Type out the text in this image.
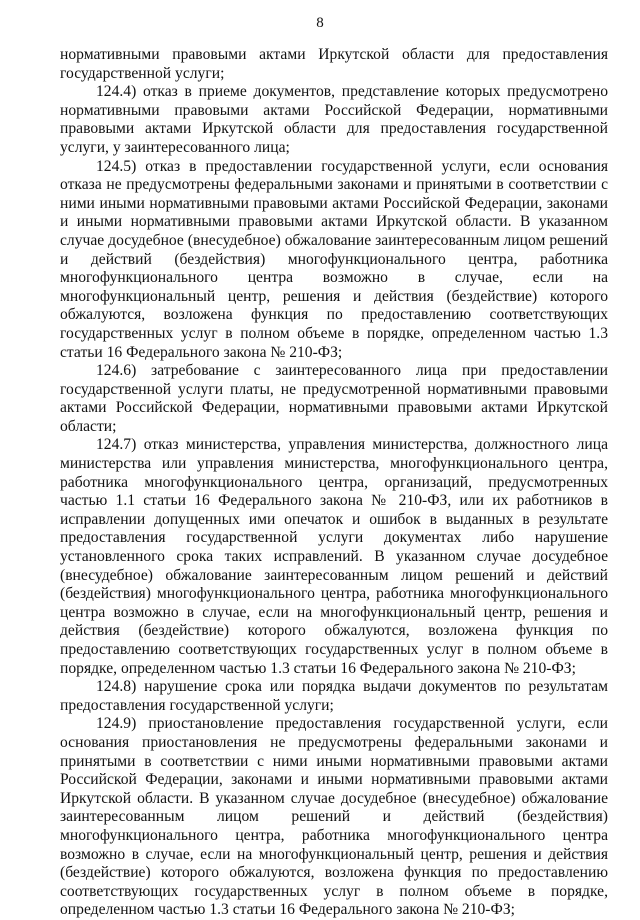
8

нормативными правовыми актами Иркутской области для предоставления государственной услуги;

124.4) отказ в приеме документов, представление которых предусмотрено нормативными правовыми актами Российской Федерации, нормативными правовыми актами Иркутской области для предоставления государственной услуги, у заинтересованного лица;

124.5) отказ в предоставлении государственной услуги, если основания отказа не предусмотрены федеральными законами и принятыми в соответствии с ними иными нормативными правовыми актами Российской Федерации, законами и иными нормативными правовыми актами Иркутской области. В указанном случае досудебное (внесудебное) обжалование заинтересованным лицом решений и действий (бездействия) многофункционального центра, работника многофункционального центра возможно в случае, если на многофункциональный центр, решения и действия (бездействие) которого обжалуются, возложена функция по предоставлению соответствующих государственных услуг в полном объеме в порядке, определенном частью 1.3 статьи 16 Федерального закона № 210-ФЗ;

124.6) затребование с заинтересованного лица при предоставлении государственной услуги платы, не предусмотренной нормативными правовыми актами Российской Федерации, нормативными правовыми актами Иркутской области;

124.7) отказ министерства, управления министерства, должностного лица министерства или управления министерства, многофункционального центра, работника многофункционального центра, организаций, предусмотренных частью 1.1 статьи 16 Федерального закона № 210-ФЗ, или их работников в исправлении допущенных ими опечаток и ошибок в выданных в результате предоставления государственной услуги документах либо нарушение установленного срока таких исправлений. В указанном случае досудебное (внесудебное) обжалование заинтересованным лицом решений и действий (бездействия) многофункционального центра, работника многофункционального центра возможно в случае, если на многофункциональный центр, решения и действия (бездействие) которого обжалуются, возложена функция по предоставлению соответствующих государственных услуг в полном объеме в порядке, определенном частью 1.3 статьи 16 Федерального закона № 210-ФЗ;

124.8) нарушение срока или порядка выдачи документов по результатам предоставления государственной услуги;

124.9) приостановление предоставления государственной услуги, если основания приостановления не предусмотрены федеральными законами и принятыми в соответствии с ними иными нормативными правовыми актами Российской Федерации, законами и иными нормативными правовыми актами Иркутской области. В указанном случае досудебное (внесудебное) обжалование заинтересованным лицом решений и действий (бездействия) многофункционального центра, работника многофункционального центра возможно в случае, если на многофункциональный центр, решения и действия (бездействие) которого обжалуются, возложена функция по предоставлению соответствующих государственных услуг в полном объеме в порядке, определенном частью 1.3 статьи 16 Федерального закона № 210-ФЗ;
